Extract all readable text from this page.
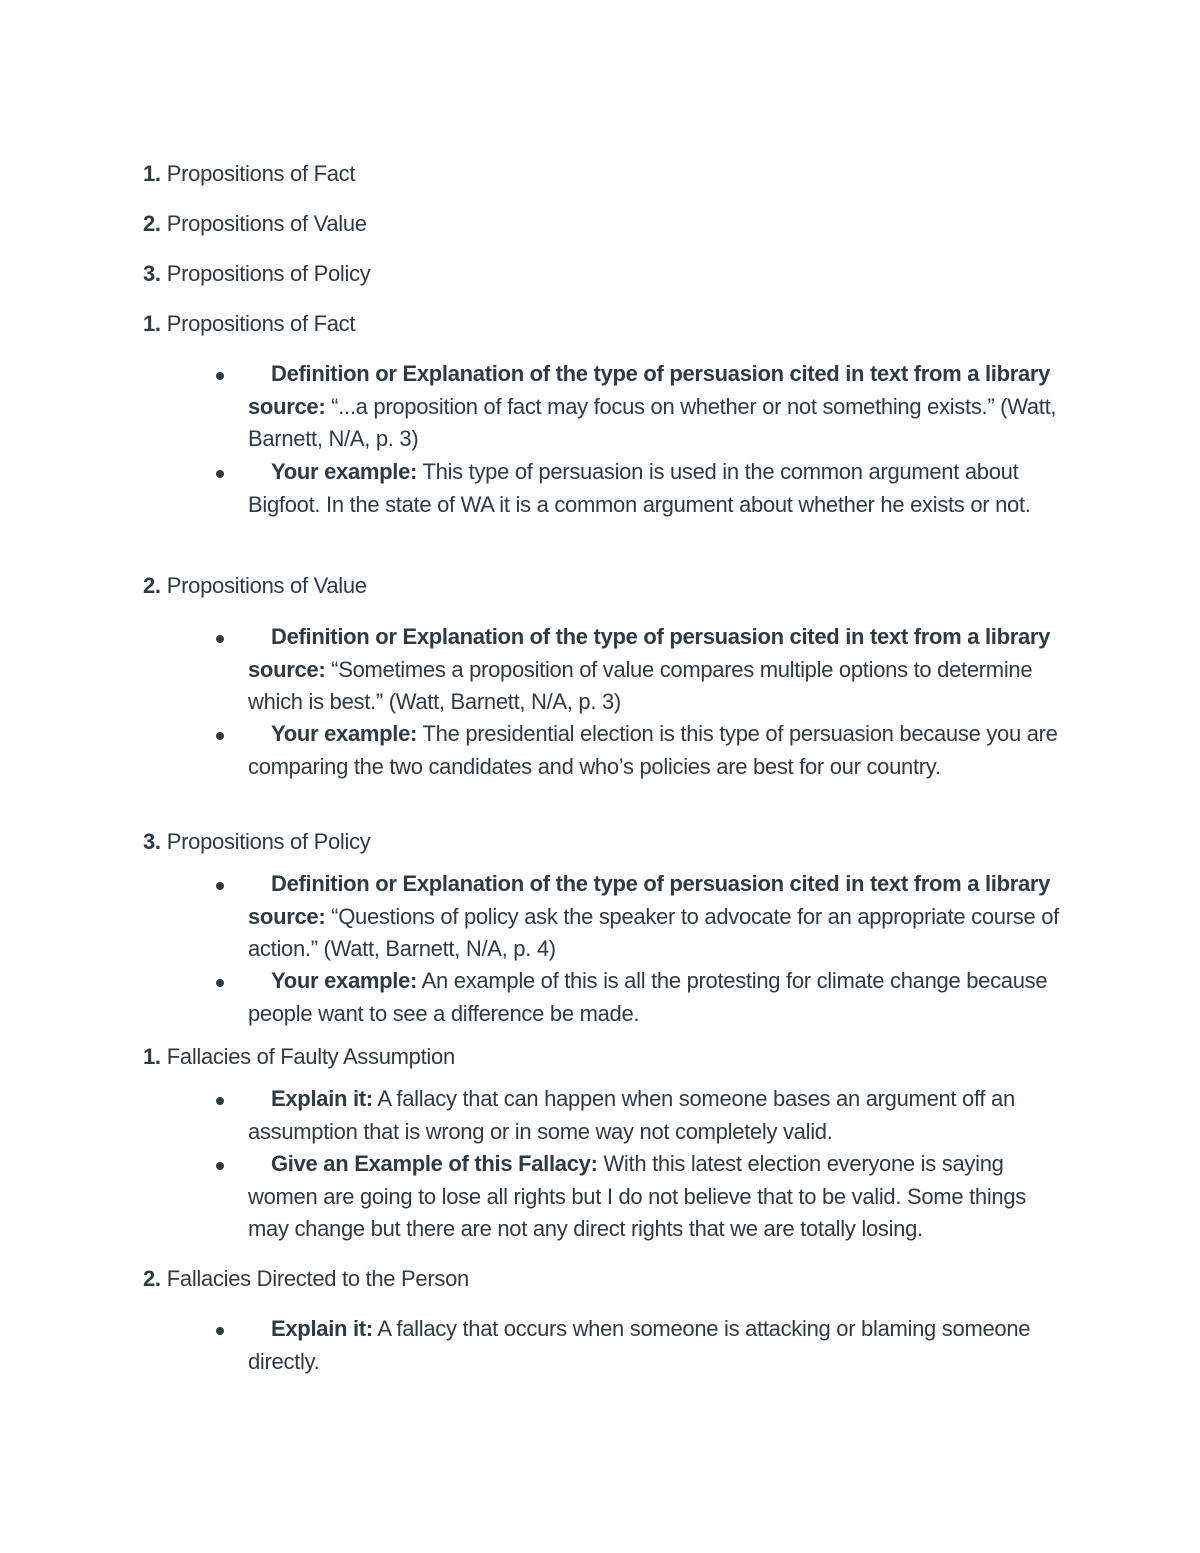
1. Propositions of Fact
2. Propositions of Value
3. Propositions of Policy
1. Propositions of Fact
Definition or Explanation of the type of persuasion cited in text from a library source: “...a proposition of fact may focus on whether or not something exists.” (Watt, Barnett, N/A, p. 3)
Your example: This type of persuasion is used in the common argument about Bigfoot. In the state of WA it is a common argument about whether he exists or not.
2. Propositions of Value
Definition or Explanation of the type of persuasion cited in text from a library source: “Sometimes a proposition of value compares multiple options to determine which is best.” (Watt, Barnett, N/A, p. 3)
Your example: The presidential election is this type of persuasion because you are comparing the two candidates and who’s policies are best for our country.
3. Propositions of Policy
Definition or Explanation of the type of persuasion cited in text from a library source: “Questions of policy ask the speaker to advocate for an appropriate course of action.” (Watt, Barnett, N/A, p. 4)
Your example: An example of this is all the protesting for climate change because people want to see a difference be made.
1. Fallacies of Faulty Assumption
Explain it: A fallacy that can happen when someone bases an argument off an assumption that is wrong or in some way not completely valid.
Give an Example of this Fallacy: With this latest election everyone is saying women are going to lose all rights but I do not believe that to be valid. Some things may change but there are not any direct rights that we are totally losing.
2. Fallacies Directed to the Person
Explain it: A fallacy that occurs when someone is attacking or blaming someone directly.
